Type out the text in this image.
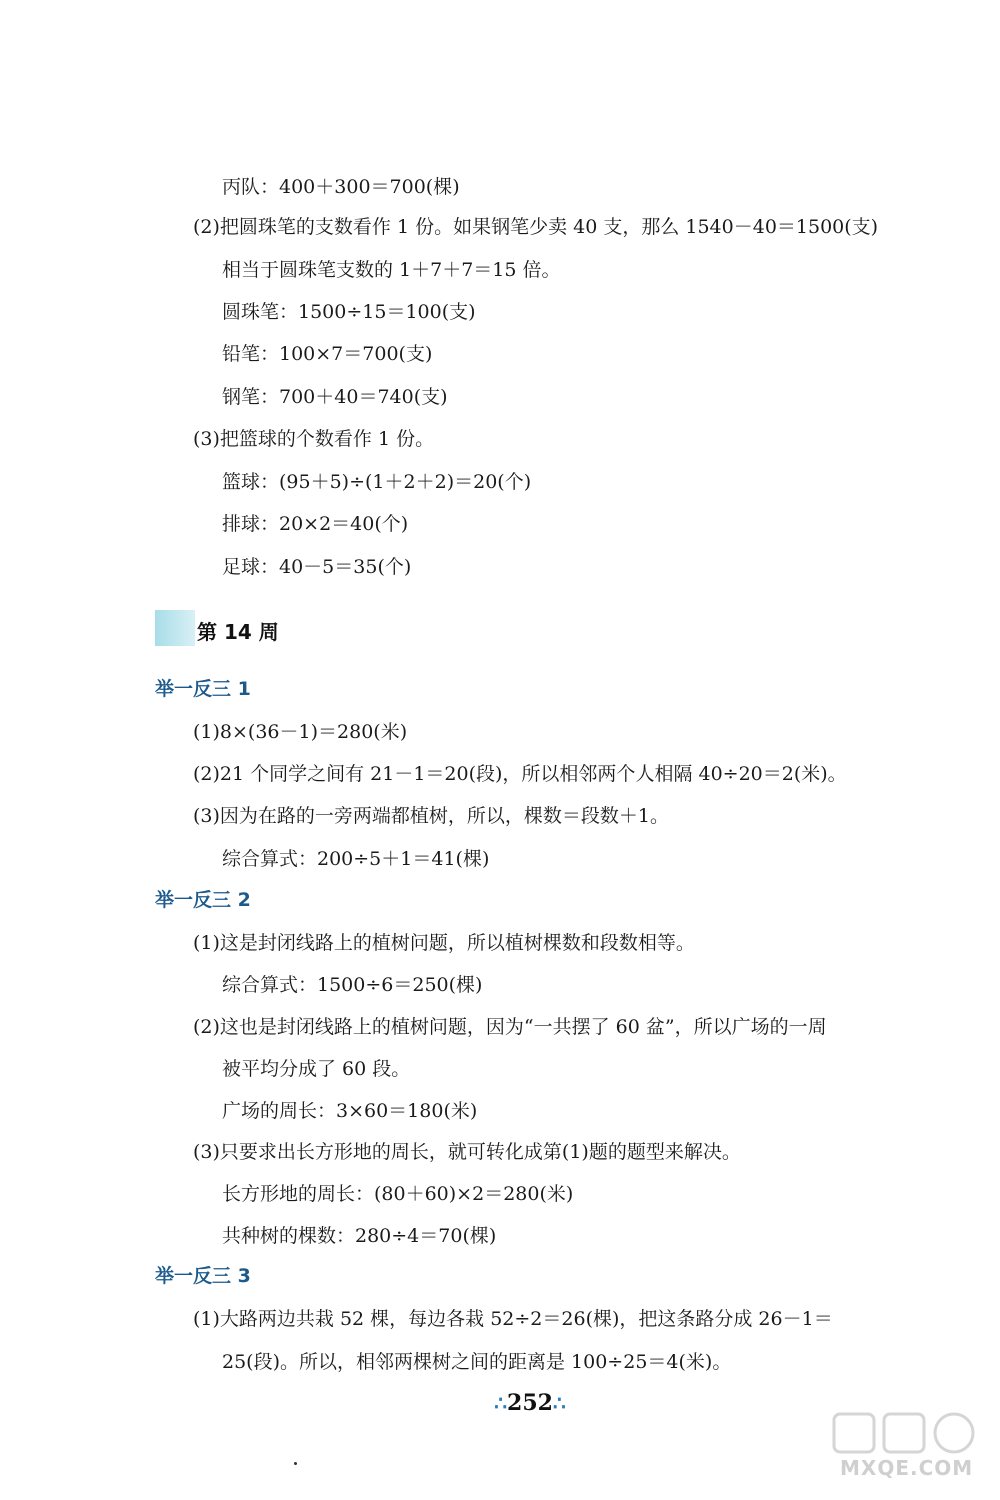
丙队：400＋300＝700(棵)
(2)把圆珠笔的支数看作 1 份。如果钢笔少卖 40 支，那么 1540－40＝1500(支)
相当于圆珠笔支数的 1＋7＋7＝15 倍。
圆珠笔：1500÷15＝100(支)
铅笔：100×7＝700(支)
钢笔：700＋40＝740(支)
(3)把篮球的个数看作 1 份。
篮球：(95＋5)÷(1＋2＋2)＝20(个)
排球：20×2＝40(个)
足球：40－5＝35(个)
第 14 周
举一反三 1
(1)8×(36－1)＝280(米)
(2)21 个同学之间有 21－1＝20(段)，所以相邻两个人相隔 40÷20＝2(米)。
(3)因为在路的一旁两端都植树，所以，棵数＝段数＋1。
综合算式：200÷5＋1＝41(棵)
举一反三 2
(1)这是封闭线路上的植树问题，所以植树棵数和段数相等。
综合算式：1500÷6＝250(棵)
(2)这也是封闭线路上的植树问题，因为“一共摆了 60 盆”，所以广场的一周
被平均分成了 60 段。
广场的周长：3×60＝180(米)
(3)只要求出长方形地的周长，就可转化成第(1)题的题型来解决。
长方形地的周长：(80＋60)×2＝280(米)
共种树的棵数：280÷4＝70(棵)
举一反三 3
(1)大路两边共栽 52 棵，每边各栽 52÷2＝26(棵)，把这条路分成 26－1＝
25(段)。所以，相邻两棵树之间的距离是 100÷25＝4(米)。
∴252∴
MXQE.COM
